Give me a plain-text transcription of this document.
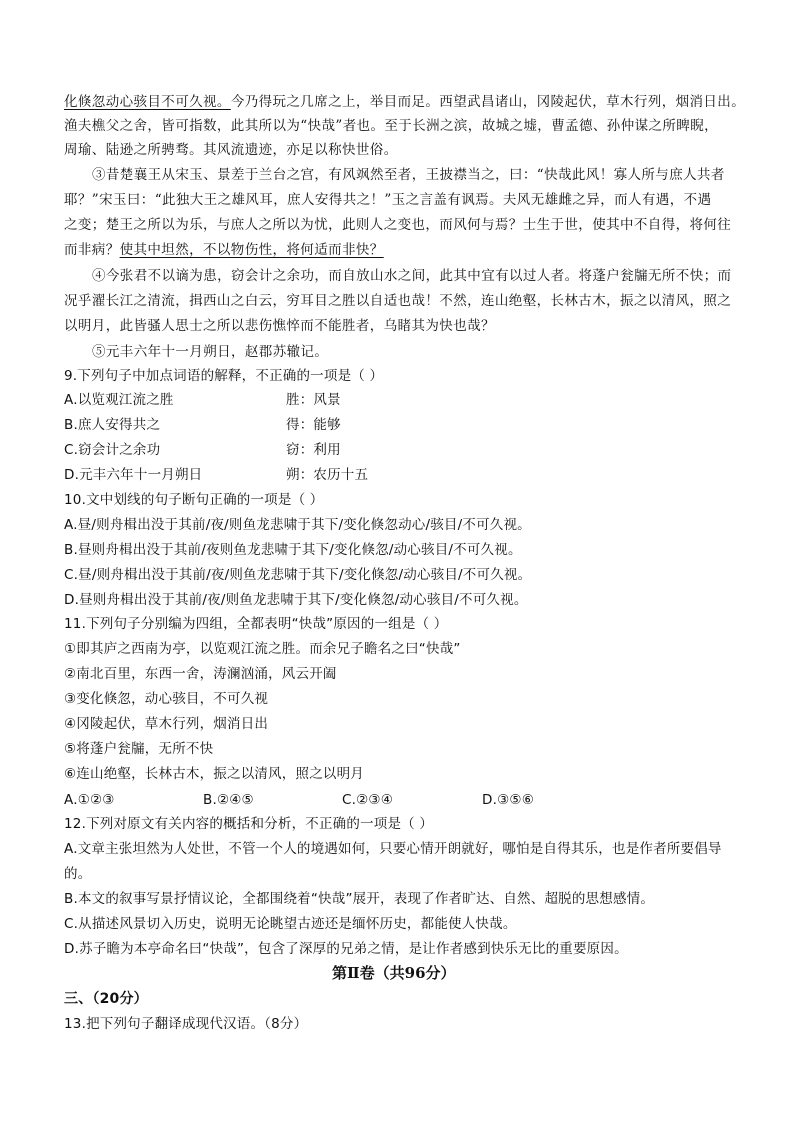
化倏忽动心骇目不可久视。今乃得玩之几席之上，举目而足。西望武昌诸山，冈陵起伏，草木行列，烟消日出。
渔夫樵父之舍，皆可指数，此其所以为“快哉”者也。至于长洲之滨，故城之墟，曹孟德、孙仲谋之所睥睨，
周瑜、陆逊之所骋骛。其风流遗迹，亦足以称快世俗。
③昔楚襄王从宋玉、景差于兰台之宫，有风飒然至者，王披襟当之，曰：“快哉此风！寡人所与庶人共者
耶？”宋玉曰：“此独大王之雄风耳，庶人安得共之！”玉之言盖有讽焉。夫风无雄雌之异，而人有遇，不遇
之变；楚王之所以为乐，与庶人之所以为忧，此则人之变也，而风何与焉？士生于世，使其中不自得，将何往
而非病？使其中坦然，不以物伤性，将何适而非快？
④今张君不以谪为患，窃会计之余功，而自放山水之间，此其中宜有以过人者。将蓬户瓮牖无所不快；而
况乎濯长江之清流，揖西山之白云，穷耳目之胜以自适也哉！不然，连山绝壑，长林古木，振之以清风，照之
以明月，此皆骚人思士之所以悲伤憔悴而不能胜者，乌睹其为快也哉？
⑤元丰六年十一月朔日，赵郡苏辙记。
9.下列句子中加点词语的解释，不正确的一项是（ ）
A.以览观江流之胜	胜：风景
B.庶人安得共之	得：能够
C.窃会计之余功	窃：利用
D.元丰六年十一月朔日	朔：农历十五
10.文中划线的句子断句正确的一项是（ ）
A.昼/则舟楫出没于其前/夜/则鱼龙悲啸于其下/变化倏忽动心/骇目/不可久视。
B.昼则舟楫出没于其前/夜则鱼龙悲啸于其下/变化倏忽/动心骇目/不可久视。
C.昼/则舟楫出没于其前/夜/则鱼龙悲啸于其下/变化倏忽/动心骇目/不可久视。
D.昼则舟楫出没于其前/夜/则鱼龙悲啸于其下/变化倏忽/动心骇目/不可久视。
11.下列句子分别编为四组，全都表明“快哉”原因的一组是（ ）
①即其庐之西南为亭，以览观江流之胜。而余兄子瞻名之曰“快哉”
②南北百里，东西一舍，涛澜汹涌，风云开阖
③变化倏忽，动心骇目，不可久视
④冈陵起伏，草木行列，烟消日出
⑤将蓬户瓮牖，无所不快
⑥连山绝壑，长林古木，振之以清风，照之以明月
A.①②③	B.②④⑤	C.②③④	D.③⑤⑥
12.下列对原文有关内容的概括和分析，不正确的一项是（ ）
A.文章主张坦然为人处世，不管一个人的境遇如何，只要心情开朗就好，哪怕是自得其乐，也是作者所要倡导
的。
B.本文的叙事写景抒情议论，全都围绕着“快哉”展开，表现了作者旷达、自然、超脱的思想感情。
C.从描述风景切入历史，说明无论眺望古迹还是缅怀历史，都能使人快哉。
D.苏子瞻为本亭命名曰“快哉”，包含了深厚的兄弟之情，是让作者感到快乐无比的重要原因。
第Ⅱ卷（共96分）
三、（20分）
13.把下列句子翻译成现代汉语。（8分）
